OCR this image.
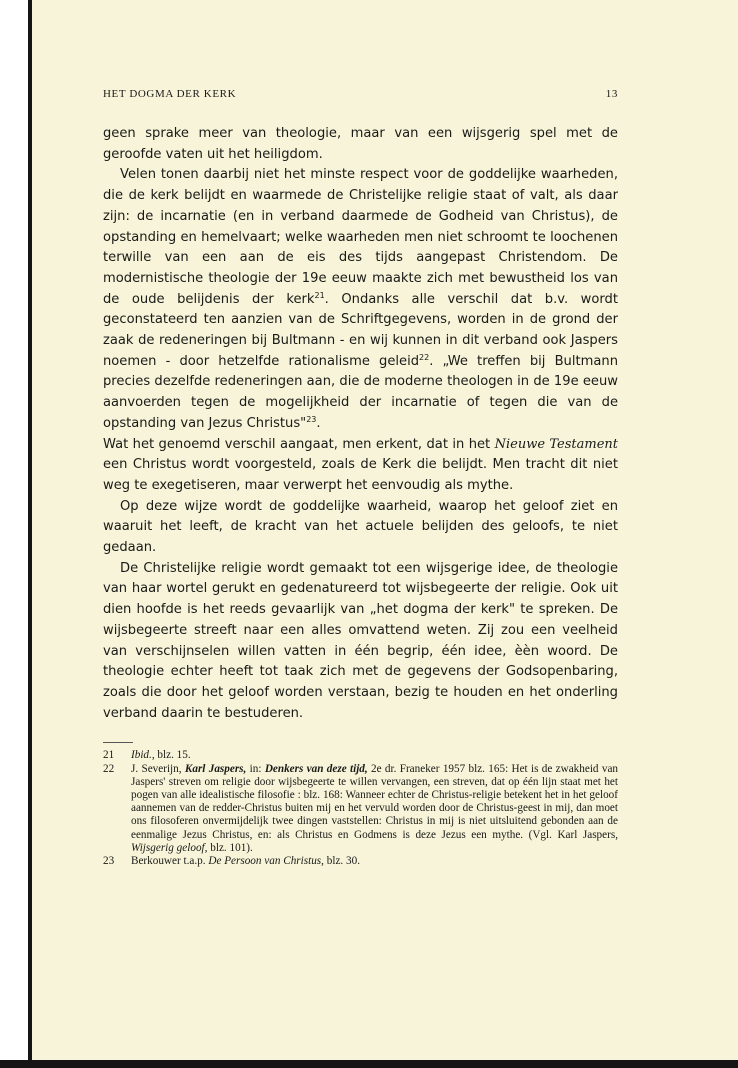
HET DOGMA DER KERK	13

geen sprake meer van theologie, maar van een wijsgerig spel met de geroofde vaten uit het heiligdom.

Velen tonen daarbij niet het minste respect voor de goddelijke waarheden, die de kerk belijdt en waarmede de Christelijke religie staat of valt, als daar zijn: de incarnatie (en in verband daarmede de Godheid van Christus), de opstanding en hemelvaart; welke waarheden men niet schroomt te loochenen terwille van een aan de eis des tijds aangepast Christendom. De modernistische theologie der 19e eeuw maakte zich met bewustheid los van de oude belijdenis der kerk$^{21}$. Ondanks alle verschil dat b.v. wordt geconstateerd ten aanzien van de Schriftgegevens, worden in de grond der zaak de redeneringen bij Bultmann - en wij kunnen in dit verband ook Jaspers noemen - door hetzelfde rationalisme geleid$^{22}$. „We treffen bij Bultmann precies dezelfde redeneringen aan, die de moderne theologen in de 19e eeuw aanvoerden tegen de mogelijkheid der incarnatie of tegen die van de opstanding van Jezus Christus"$^{23}$.

Wat het genoemd verschil aangaat, men erkent, dat in het Nieuwe Testament een Christus wordt voorgesteld, zoals de Kerk die belijdt. Men tracht dit niet weg te exegetiseren, maar verwerpt het eenvoudig als mythe.

Op deze wijze wordt de goddelijke waarheid, waarop het geloof ziet en waaruit het leeft, de kracht van het actuele belijden des geloofs, te niet gedaan.

De Christelijke religie wordt gemaakt tot een wijsgerige idee, de theologie van haar wortel gerukt en gedenatureerd tot wijsbegeerte der religie. Ook uit dien hoofde is het reeds gevaarlijk van „het dogma der kerk" te spreken. De wijsbegeerte streeft naar een alles omvattend weten. Zij zou een veelheid van verschijnselen willen vatten in één begrip, één idee, èèn woord. De theologie echter heeft tot taak zich met de gegevens der Godsopenbaring, zoals die door het geloof worden verstaan, bezig te houden en het onderling verband daarin te bestuderen.

21	Ibid., blz. 15.
22	J. Severijn, Karl Jaspers, in: Denkers van deze tijd, 2e dr. Franeker 1957 blz. 165: Het is de zwakheid van Jaspers' streven om religie door wijsbegeerte te willen vervangen, een streven, dat op één lijn staat met het pogen van alle idealistische filosofie : blz. 168: Wanneer echter de Christus-religie betekent het in het geloof aannemen van de redder-Christus buiten mij en het vervuld worden door de Christus-geest in mij, dan moet ons filosoferen onvermijdelijk twee dingen vaststellen: Christus in mij is niet uitsluitend gebonden aan de eenmalige Jezus Christus, en: als Christus en Godmens is deze Jezus een mythe. (Vgl. Karl Jaspers, Wijsgerig geloof, blz. 101).
23	Berkouwer t.a.p. De Persoon van Christus, blz. 30.
